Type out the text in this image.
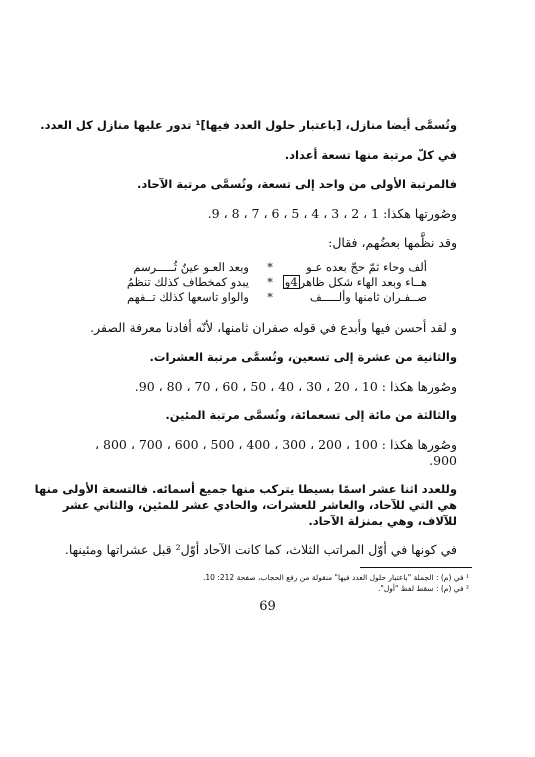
وتُسمَّى أيضا منازل، [باعتبار حلول العدد فيها]¹ تدور عليها منازل كل العدد.
في كلّ مرتبة منها تسعة أعداد.
فالمرتبة الأولى من واحد إلى تسعة، وتُسمَّى مرتبة الآحاد.
وصُورتها هكذا: 1 ، 2 ، 3 ، 4 ، 5 ، 6 ، 7 ، 8 ، 9.
وقد نظَّمها بعضُهم، فقال:
ألف وحاء ثمّ حجّ بعده عـو
*
وبعد العـو عينٌ ثُـــــرسم
هــاء وبعد الهاء شكل ظاهر4و
*
يبدو كمخطاف كذلك تنظمُ
صــفـران ثامنها وألـــــف
*
والواو تاسعها كذلك تــفهم
و لقد أحسن فيها وأبدع في قوله صفران ثامنها، لأنّه أفادنا معرفة الصفر.
والثانية من عشرة إلى تسعين، وتُسمَّى مرتبة العشرات.
وصُورها هكذا : 10 ، 20 ، 30 ، 40 ، 50 ، 60 ، 70 ، 80 ، 90.
والثالثة من مائة إلى تسعمائة، وتُسمَّى مرتبة المئين.
وصُورها هكذا : 100 ، 200 ، 300 ، 400 ، 500 ، 600 ، 700 ، 800 ،
900.
وللعدد اثنا عشر اسمًا بسيطا يتركب منها جميع أسمائه. فالتسعة الأولى منها
هي التي للآحاد، والعاشر للعشرات، والحادي عشر للمئين، والثاني عشر
للآلاف، وهي بمنزلة الآحاد.
في كونها في أوّل المراتب الثلاث، كما كانت الآحاد أوّل² قبل عشراتها ومئينها.
¹ في (م) : الجملة "باعتبار حلول العدد فيها" منقولة من رفع الحجاب، صفحة 212: 10.
² في (م) : سقط لفظ "أول".
69
